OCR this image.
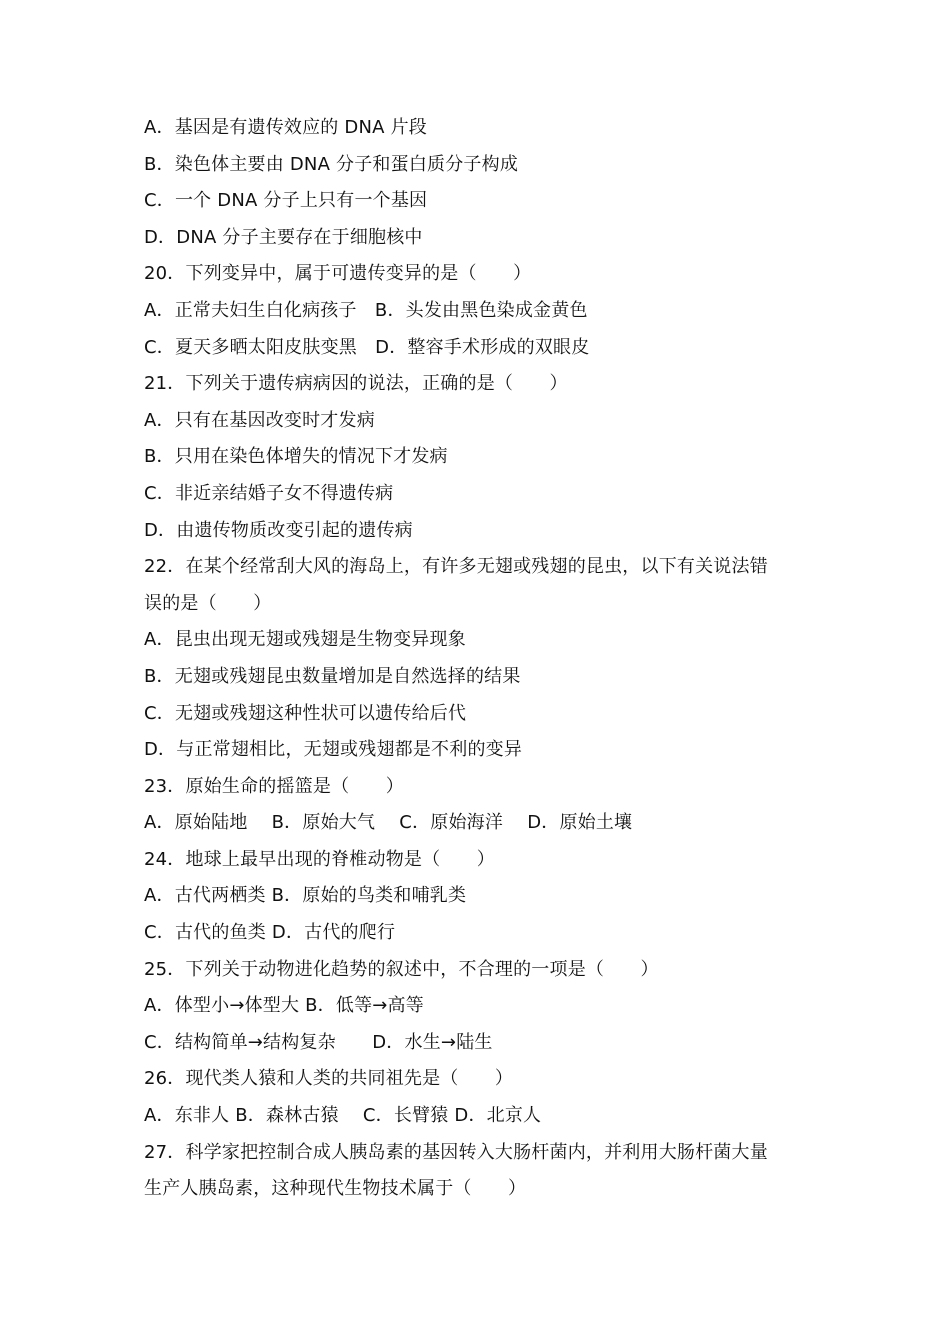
A．基因是有遗传效应的 DNA 片段
B．染色体主要由 DNA 分子和蛋白质分子构成
C．一个 DNA 分子上只有一个基因
D．DNA 分子主要存在于细胞核中
20．下列变异中，属于可遗传变异的是（　　）
A．正常夫妇生白化病孩子　B．头发由黑色染成金黄色
C．夏天多晒太阳皮肤变黑　D．整容手术形成的双眼皮
21．下列关于遗传病病因的说法，正确的是（　　）
A．只有在基因改变时才发病
B．只用在染色体增失的情况下才发病
C．非近亲结婚子女不得遗传病
D．由遗传物质改变引起的遗传病
22．在某个经常刮大风的海岛上，有许多无翅或残翅的昆虫，以下有关说法错
误的是（　　）
A．昆虫出现无翅或残翅是生物变异现象
B．无翅或残翅昆虫数量增加是自然选择的结果
C．无翅或残翅这种性状可以遗传给后代
D．与正常翅相比，无翅或残翅都是不利的变异
23．原始生命的摇篮是（　　）
A．原始陆地　 B．原始大气　 C．原始海洋　 D．原始土壤
24．地球上最早出现的脊椎动物是（　　）
A．古代两栖类 B．原始的鸟类和哺乳类
C．古代的鱼类 D．古代的爬行
25．下列关于动物进化趋势的叙述中，不合理的一项是（　　）
A．体型小→体型大 B．低等→高等
C．结构简单→结构复杂　　D．水生→陆生
26．现代类人猿和人类的共同祖先是（　　）
A．东非人 B．森林古猿　 C．长臂猿 D．北京人
27．科学家把控制合成人胰岛素的基因转入大肠杆菌内，并利用大肠杆菌大量
生产人胰岛素，这种现代生物技术属于（　　）
